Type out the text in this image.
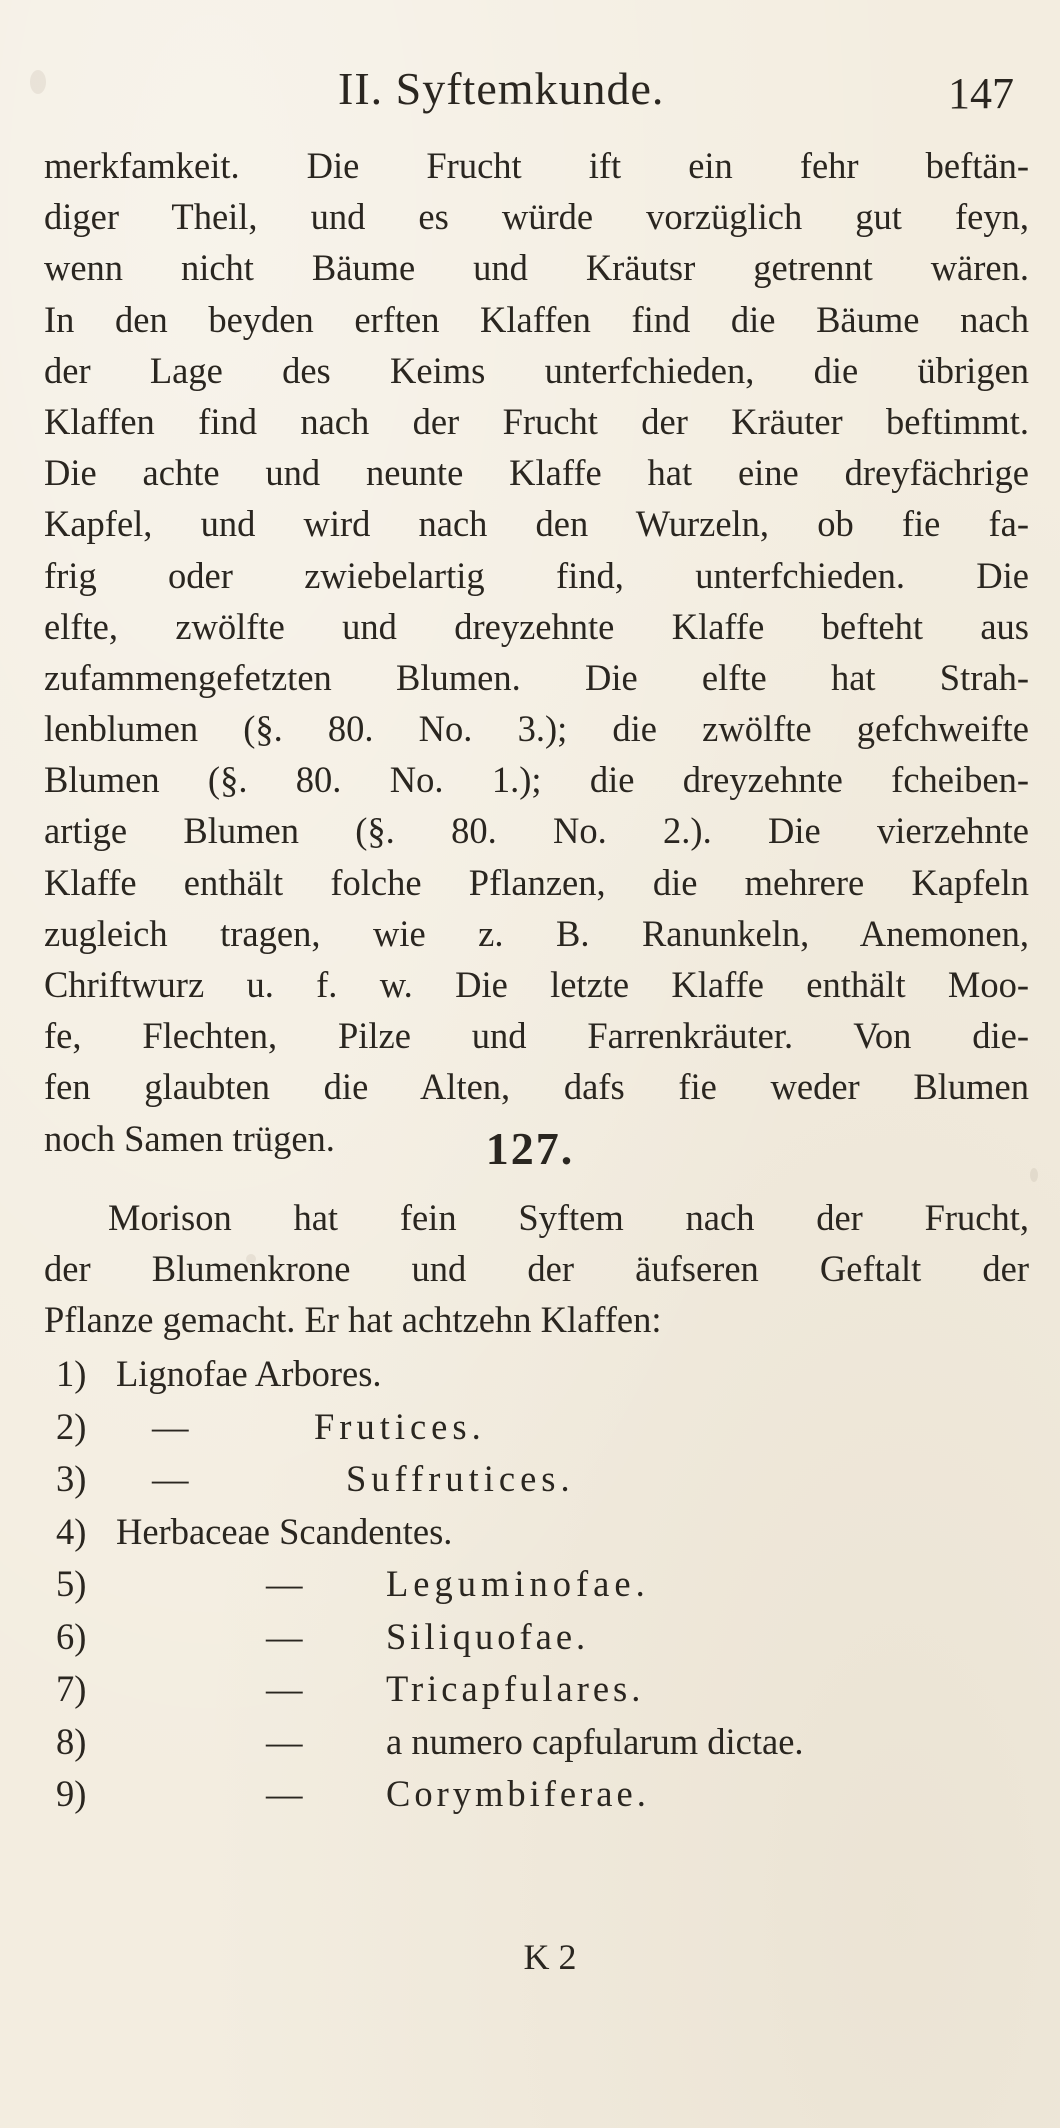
II. Syftemkunde.	147
merkfamkeit. Die Frucht ift ein fehr beftän-
diger Theil, und es würde vorzüglich gut feyn,
wenn nicht Bäume und Kräutsr getrennt wären.
In den beyden erften Klaffen find die Bäume nach
der Lage des Keims unterfchieden, die übrigen
Klaffen find nach der Frucht der Kräuter beftimmt.
Die achte und neunte Klaffe hat eine dreyfächrige
Kapfel, und wird nach den Wurzeln, ob fie fa-
frig oder zwiebelartig find, unterfchieden. Die
elfte, zwölfte und dreyzehnte Klaffe befteht aus
zufammengefetzten Blumen. Die elfte hat Strah-
lenblumen (§. 80. No. 3.); die zwölfte gefchweifte
Blumen (§. 80. No. 1.); die dreyzehnte fcheiben-
artige Blumen (§. 80. No. 2.). Die vierzehnte
Klaffe enthält folche Pflanzen, die mehrere Kapfeln
zugleich tragen, wie z. B. Ranunkeln, Anemonen,
Chriftwurz u. f. w. Die letzte Klaffe enthält Moo-
fe, Flechten, Pilze und Farrenkräuter. Von die-
fen glaubten die Alten, dafs fie weder Blumen
noch Samen trügen.	127.
Morison hat fein Syftem nach der Frucht,
der Blumenkrone und der äufseren Geftalt der
Pflanze gemacht. Er hat achtzehn Klaffen:
1) Lignofae Arbores.
2) —	Frutices.
3) —	Suffrutices.
4) Herbaceae Scandentes.
5)	— Leguminofae.
6)	— Siliquofae.
7)	— Tricapfulares.
8)	— a numero capfularum dictae.
9)	— Corymbiferae.
K 2
